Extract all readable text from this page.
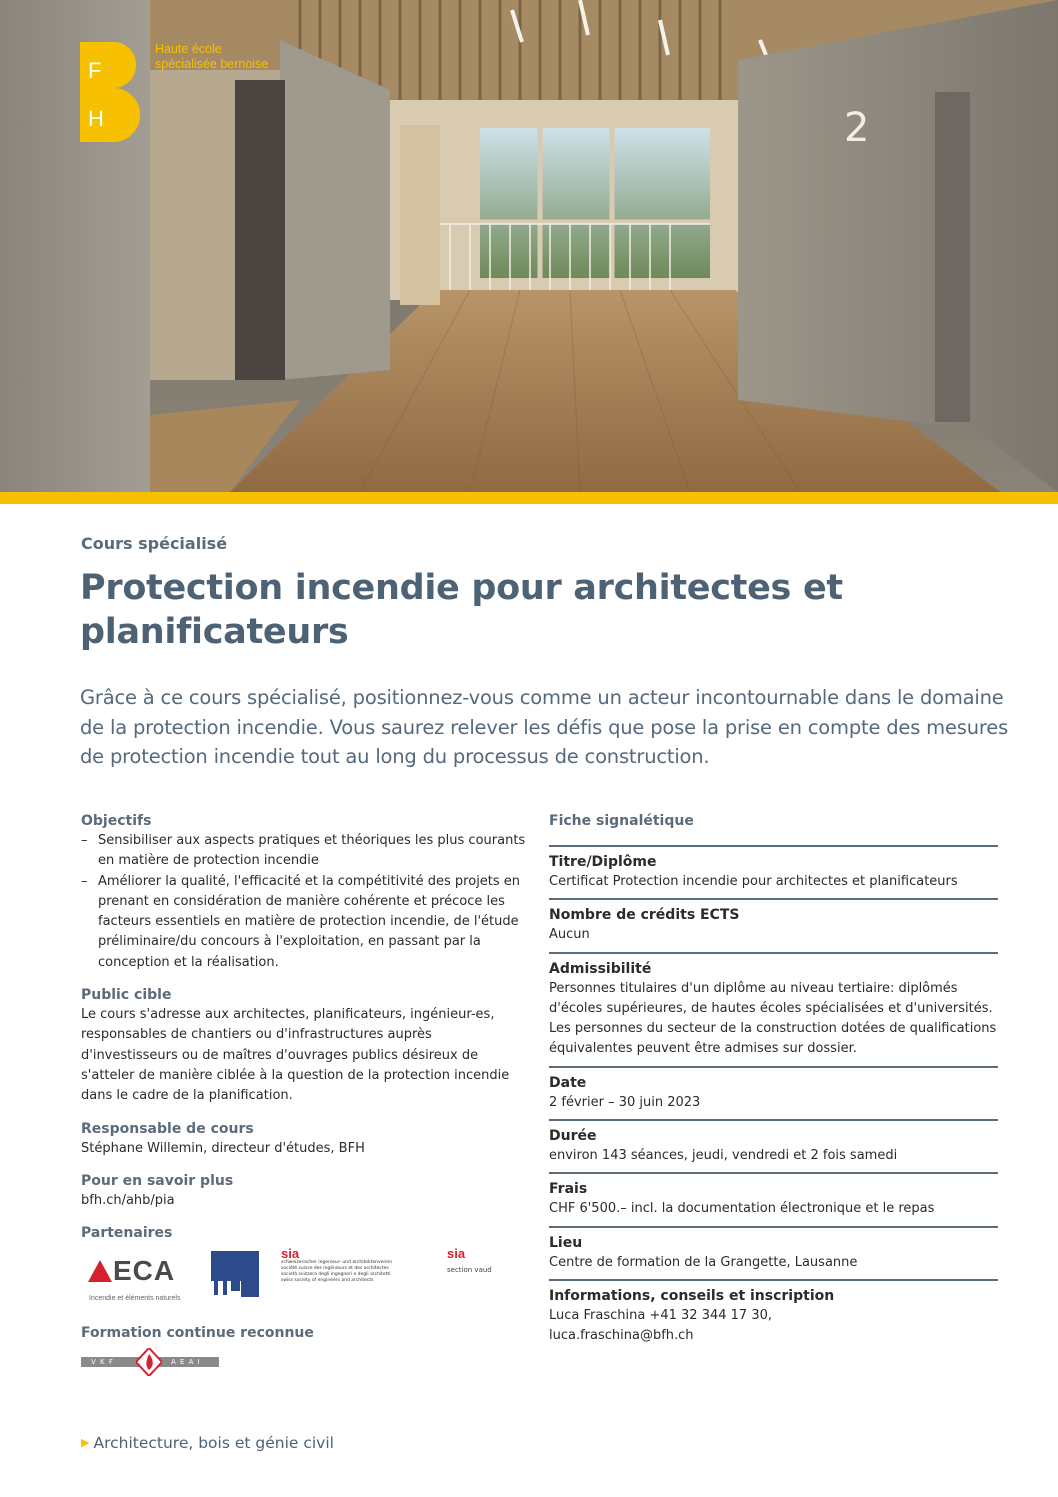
2
F
H
Haute école
spécialisée bernoise
Cours spécialisé
Protection incendie pour architectes et planificateurs

Grâce à ce cours spécialisé, positionnez-vous comme un acteur incontournable dans le domaine de la protection incendie. Vous saurez relever les défis que pose la prise en compte des mesures de protection incendie tout au long du processus de construction.

Objectifs
– Sensibiliser aux aspects pratiques et théoriques les plus courants en matière de protection incendie
– Améliorer la qualité, l'efficacité et la compétitivité des projets en prenant en considération de manière cohérente et précoce les facteurs essentiels en matière de protection incendie, de l'étude préliminaire/du concours à l'exploitation, en passant par la conception et la réalisation.
Public cible
Le cours s'adresse aux architectes, planificateurs, ingénieur-es, responsables de chantiers ou d'infrastructures auprès d'investisseurs ou de maîtres d'ouvrages publics désireux de s'atteler de manière ciblée à la question de la protection incendie dans le cadre de la planification.
Responsable de cours
Stéphane Willemin, directeur d'études, BFH
Pour en savoir plus
bfh.ch/ahb/pia
Partenaires
ECA
Incendie et éléments naturels
sia
schweizerischer ingenieur- und architektenverein
société suisse des ingénieurs et des architectes
società svizzera degli ingegneri e degli architetti
swiss society of engineers and architects
sia
section vaud
Formation continue reconnue
V K F	A E A I
▶ Architecture, bois et génie civil
Fiche signalétique
Titre/Diplôme
Certificat Protection incendie pour architectes et planificateurs
Nombre de crédits ECTS
Aucun
Admissibilité
Personnes titulaires d'un diplôme au niveau tertiaire: diplômés d'écoles supérieures, de hautes écoles spécialisées et d'universités. Les personnes du secteur de la construction dotées de qualifications équivalentes peuvent être admises sur dossier.
Date
2 février – 30 juin 2023
Durée
environ 143 séances, jeudi, vendredi et 2 fois samedi
Frais
CHF 6'500.– incl. la documentation électronique et le repas
Lieu
Centre de formation de la Grangette, Lausanne
Informations, conseils et inscription
Luca Fraschina +41 32 344 17 30,
luca.fraschina@bfh.ch
